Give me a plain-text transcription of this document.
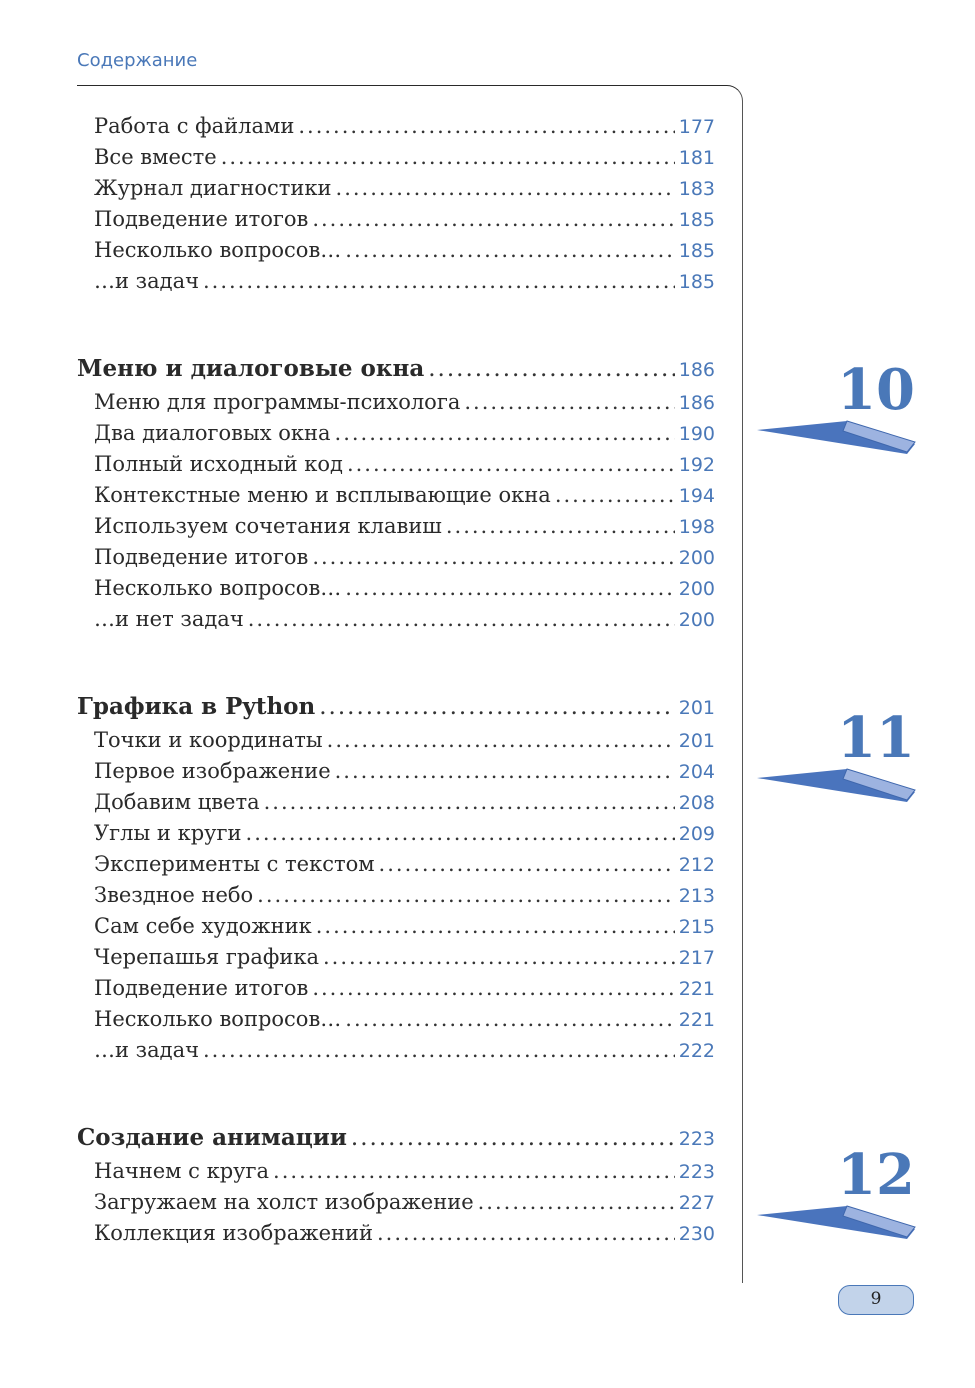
Содержание
Работа с файлами .....	177
Все вместе .....	181
Журнал диагностики .....	183
Подведение итогов .....	185
Несколько вопросов… .....	185
…и задач .....	185
Меню и диалоговые окна .....	186
Меню для программы-психолога .....	186
Два диалоговых окна .....	190
Полный исходный код .....	192
Контекстные меню и всплывающие окна .....	194
Используем сочетания клавиш .....	198
Подведение итогов .....	200
Несколько вопросов… .....	200
…и нет задач .....	200
Графика в Python .....	201
Точки и координаты .....	201
Первое изображение .....	204
Добавим цвета .....	208
Углы и круги .....	209
Эксперименты с текстом .....	212
Звездное небо .....	213
Сам себе художник .....	215
Черепашья графика .....	217
Подведение итогов .....	221
Несколько вопросов… .....	221
…и задач .....	222
Создание анимации .....	223
Начнем с круга .....	223
Загружаем на холст изображение .....	227
Коллекция изображений .....	230
10
11
12
9
